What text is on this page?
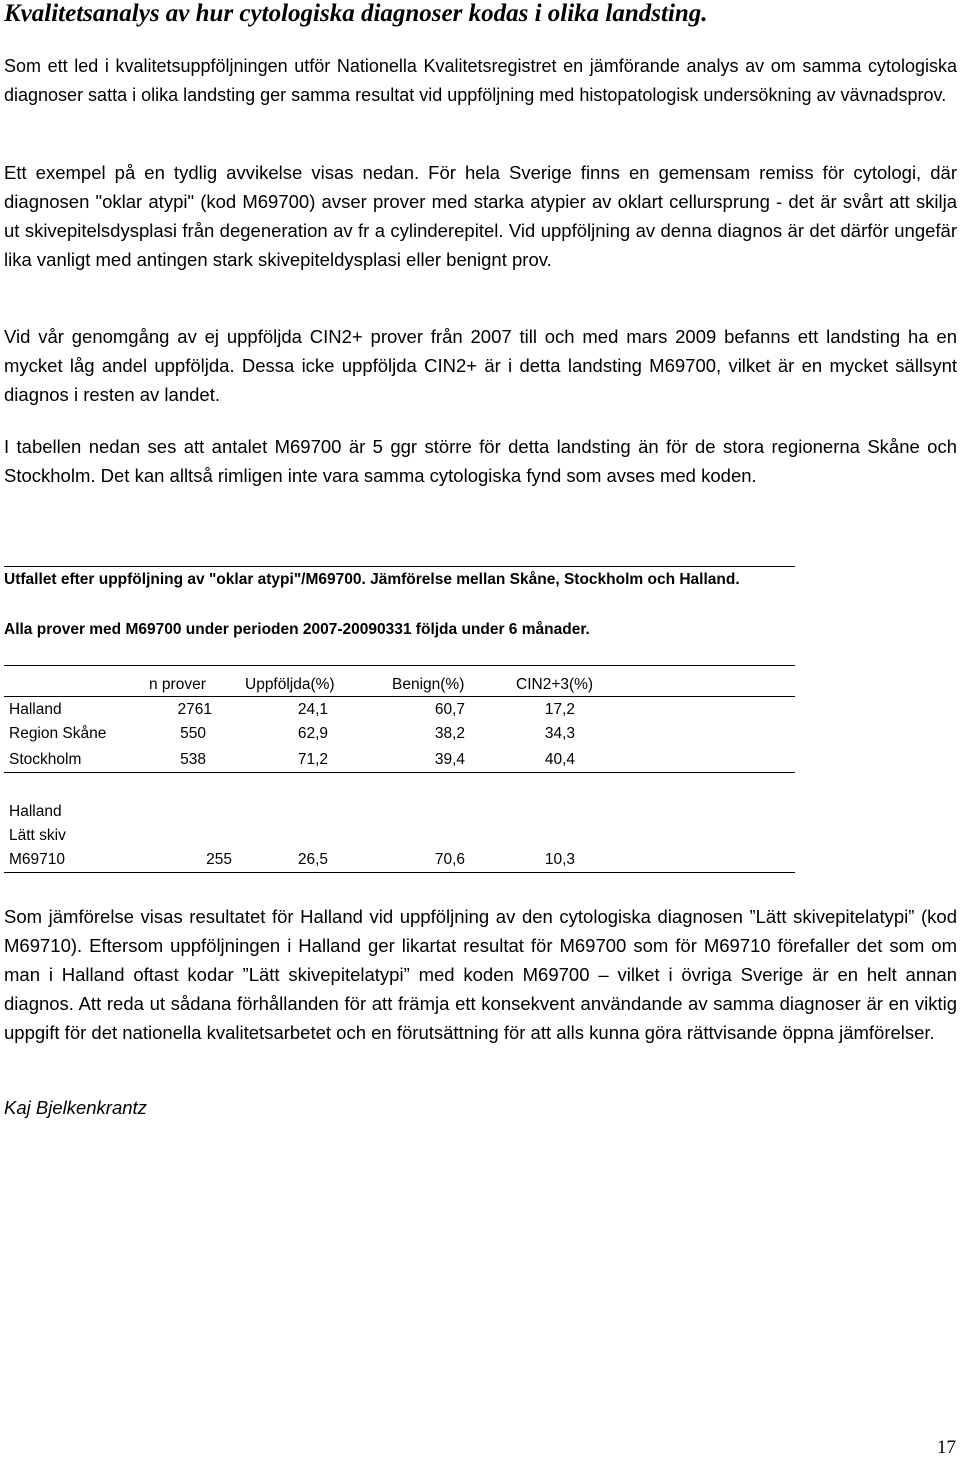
Kvalitetsanalys av hur cytologiska diagnoser kodas i olika landsting.

Som ett led i kvalitetsuppföljningen utför Nationella Kvalitetsregistret en jämförande analys av om samma cytologiska diagnoser satta i olika landsting ger samma resultat vid uppföljning med histopatologisk undersökning av vävnadsprov.

Ett exempel på en tydlig avvikelse visas nedan. För hela Sverige finns en gemensam remiss för cytologi, där diagnosen "oklar atypi" (kod M69700) avser prover med starka atypier av oklart cellursprung - det är svårt att skilja ut skivepitelsdysplasi från degeneration av fr a cylinderepitel. Vid uppföljning av denna diagnos är det därför ungefär lika vanligt med antingen stark skivepiteldysplasi eller benignt prov.

Vid vår genomgång av ej uppföljda CIN2+ prover från 2007 till och med mars 2009 befanns ett landsting ha en mycket låg andel uppföljda. Dessa icke uppföljda CIN2+ är i detta landsting M69700, vilket är en mycket sällsynt diagnos i resten av landet.

I tabellen nedan ses att antalet M69700 är 5 ggr större för detta landsting än för de stora regionerna Skåne och Stockholm. Det kan alltså rimligen inte vara samma cytologiska fynd som avses med koden.

Utfallet efter uppföljning av "oklar atypi"/M69700. Jämförelse mellan Skåne, Stockholm och Halland.

Alla prover med M69700 under perioden 2007-20090331 följda under 6 månader.

n prover	Uppföljda(%)	Benign(%)	CIN2+3(%)
Halland	2761	24,1	60,7	17,2
Region Skåne	550	62,9	38,2	34,3
Stockholm	538	71,2	39,4	40,4
Halland
Lätt skiv
M69710	255	26,5	70,6	10,3

Som jämförelse visas resultatet för Halland vid uppföljning av den cytologiska diagnosen ”Lätt skivepitelatypi” (kod M69710). Eftersom uppföljningen i Halland ger likartat resultat för M69700 som för M69710 förefaller det som om man i Halland oftast kodar ”Lätt skivepitelatypi” med koden M69700 – vilket i övriga Sverige är en helt annan diagnos. Att reda ut sådana förhållanden för att främja ett konsekvent användande av samma diagnoser är en viktig uppgift för det nationella kvalitetsarbetet och en förutsättning för att alls kunna göra rättvisande öppna jämförelser.

Kaj Bjelkenkrantz

17
